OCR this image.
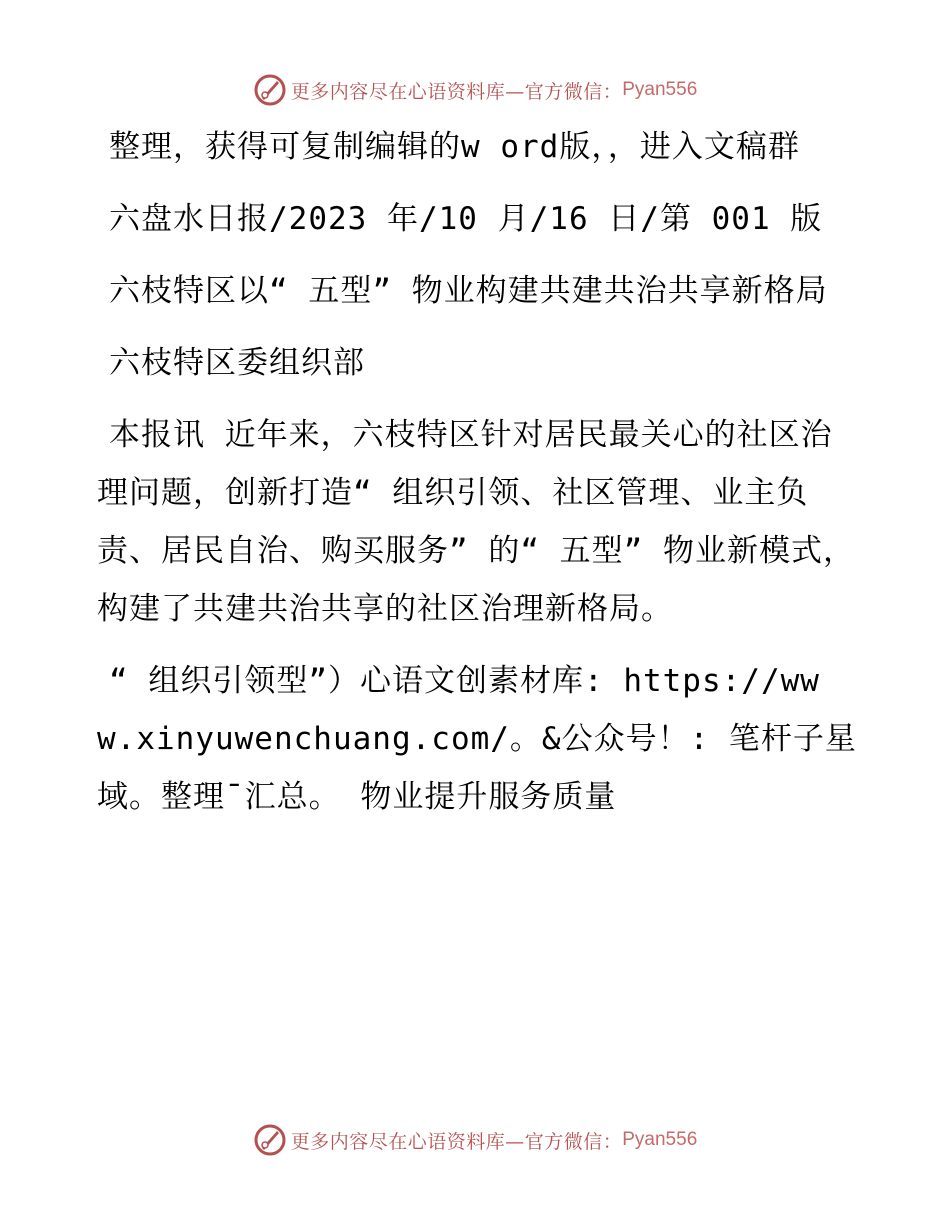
更多内容尽在心语资料库—官方微信： Pyan556

整理，获得可复制编辑的w ord版，，进入文稿群

六盘水日报/2023 年/10 月/16 日/第 001 版

六枝特区以“ 五型” 物业构建共建共治共享新格局

六枝特区委组织部

本报讯 近年来，六枝特区针对居民最关心的社区治理问题，创新打造“ 组织引领、社区管理、业主负责、居民自治、购买服务” 的“ 五型” 物业新模式，构建了共建共治共享的社区治理新格局。

“ 组织引领型”）心语文创素材库: https://www.xinyuwenchuang.com/。&公众号！: 笔杆子星域。整理¯汇总。 物业提升服务质量

更多内容尽在心语资料库—官方微信： Pyan556
